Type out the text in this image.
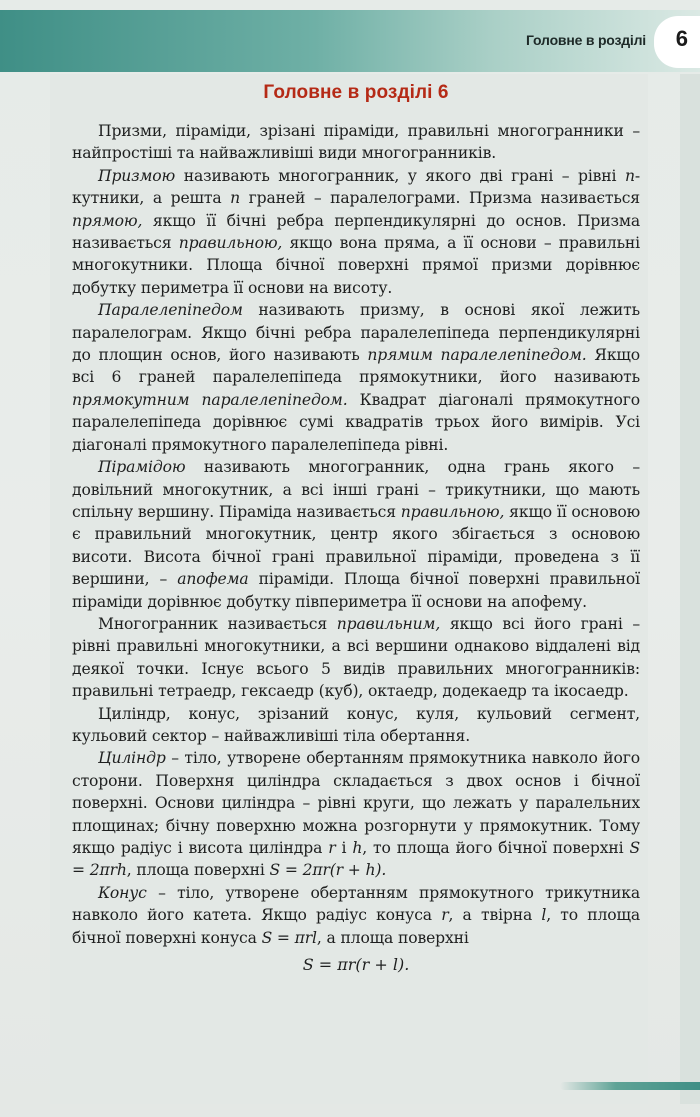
Головне в розділі 6
Головне в розділі 6

Призми, піраміди, зрізані піраміди, правильні многогранники – найпростіші та найважливіші види многогранників.

Призмою називають многогранник, у якого дві грані – рівні n-кутники, а решта n граней – паралелограми. Призма називається прямою, якщо її бічні ребра перпендикулярні до основ. Призма називається правильною, якщо вона пряма, а її основи – правильні многокутники. Площа бічної поверхні прямої призми дорівнює добутку периметра її основи на висоту.

Паралелепіпедом називають призму, в основі якої лежить паралелограм. Якщо бічні ребра паралелепіпеда перпендикулярні до площин основ, його називають прямим паралелепіпедом. Якщо всі 6 граней паралелепіпеда прямокутники, його називають прямокутним паралелепіпедом. Квадрат діагоналі прямокутного паралелепіпеда дорівнює сумі квадратів трьох його вимірів. Усі діагоналі прямокутного паралелепіпеда рівні.

Пірамідою називають многогранник, одна грань якого – довільний многокутник, а всі інші грані – трикутники, що мають спільну вершину. Піраміда називається правильною, якщо її основою є правильний многокутник, центр якого збігається з основою висоти. Висота бічної грані правильної піраміди, проведена з її вершини, – апофема піраміди. Площа бічної поверхні правильної піраміди дорівнює добутку півпериметра її основи на апофему.

Многогранник називається правильним, якщо всі його грані – рівні правильні многокутники, а всі вершини однаково віддалені від деякої точки. Існує всього 5 видів правильних многогранників: правильні тетраедр, гексаедр (куб), октаедр, додекаедр та ікосаедр.

Циліндр, конус, зрізаний конус, куля, кульовий сегмент, кульовий сектор – найважливіші тіла обертання.

Циліндр – тіло, утворене обертанням прямокутника навколо його сторони. Поверхня циліндра складається з двох основ і бічної поверхні. Основи циліндра – рівні круги, що лежать у паралельних площинах; бічну поверхню можна розгорнути у прямокутник. Тому якщо радіус і висота циліндра r і h, то площа його бічної поверхні S = 2πrh, площа поверхні S = 2πr(r + h).

Конус – тіло, утворене обертанням прямокутного трикутника навколо його катета. Якщо радіус конуса r, а твірна l, то площа бічної поверхні конуса S = πrl, а площа поверхні

S = πr(r + l).
